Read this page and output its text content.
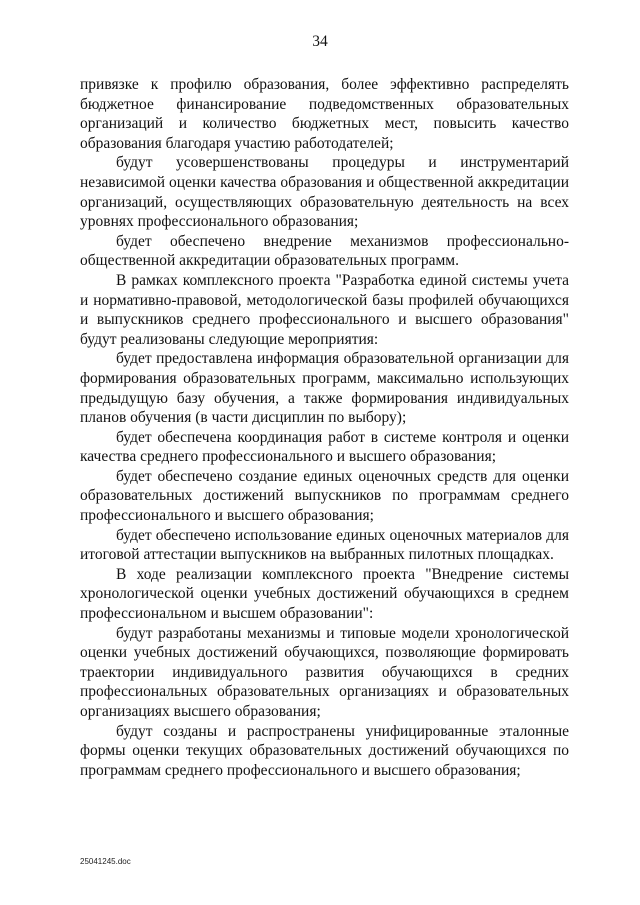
34

привязке к профилю образования, более эффективно распределять бюджетное финансирование подведомственных образовательных организаций и количество бюджетных мест, повысить качество образования благодаря участию работодателей;

будут усовершенствованы процедуры и инструментарий независимой оценки качества образования и общественной аккредитации организаций, осуществляющих образовательную деятельность на всех уровнях профессионального образования;

будет обеспечено внедрение механизмов профессионально-общественной аккредитации образовательных программ.

В рамках комплексного проекта "Разработка единой системы учета и нормативно-правовой, методологической базы профилей обучающихся и выпускников среднего профессионального и высшего образования" будут реализованы следующие мероприятия:

будет предоставлена информация образовательной организации для формирования образовательных программ, максимально использующих предыдущую базу обучения, а также формирования индивидуальных планов обучения (в части дисциплин по выбору);

будет обеспечена координация работ в системе контроля и оценки качества среднего профессионального и высшего образования;

будет обеспечено создание единых оценочных средств для оценки образовательных достижений выпускников по программам среднего профессионального и высшего образования;

будет обеспечено использование единых оценочных материалов для итоговой аттестации выпускников на выбранных пилотных площадках.

В ходе реализации комплексного проекта "Внедрение системы хронологической оценки учебных достижений обучающихся в среднем профессиональном и высшем образовании":

будут разработаны механизмы и типовые модели хронологической оценки учебных достижений обучающихся, позволяющие формировать траектории индивидуального развития обучающихся в средних профессиональных образовательных организациях и образовательных организациях высшего образования;

будут созданы и распространены унифицированные эталонные формы оценки текущих образовательных достижений обучающихся по программам среднего профессионального и высшего образования;

25041245.doc
